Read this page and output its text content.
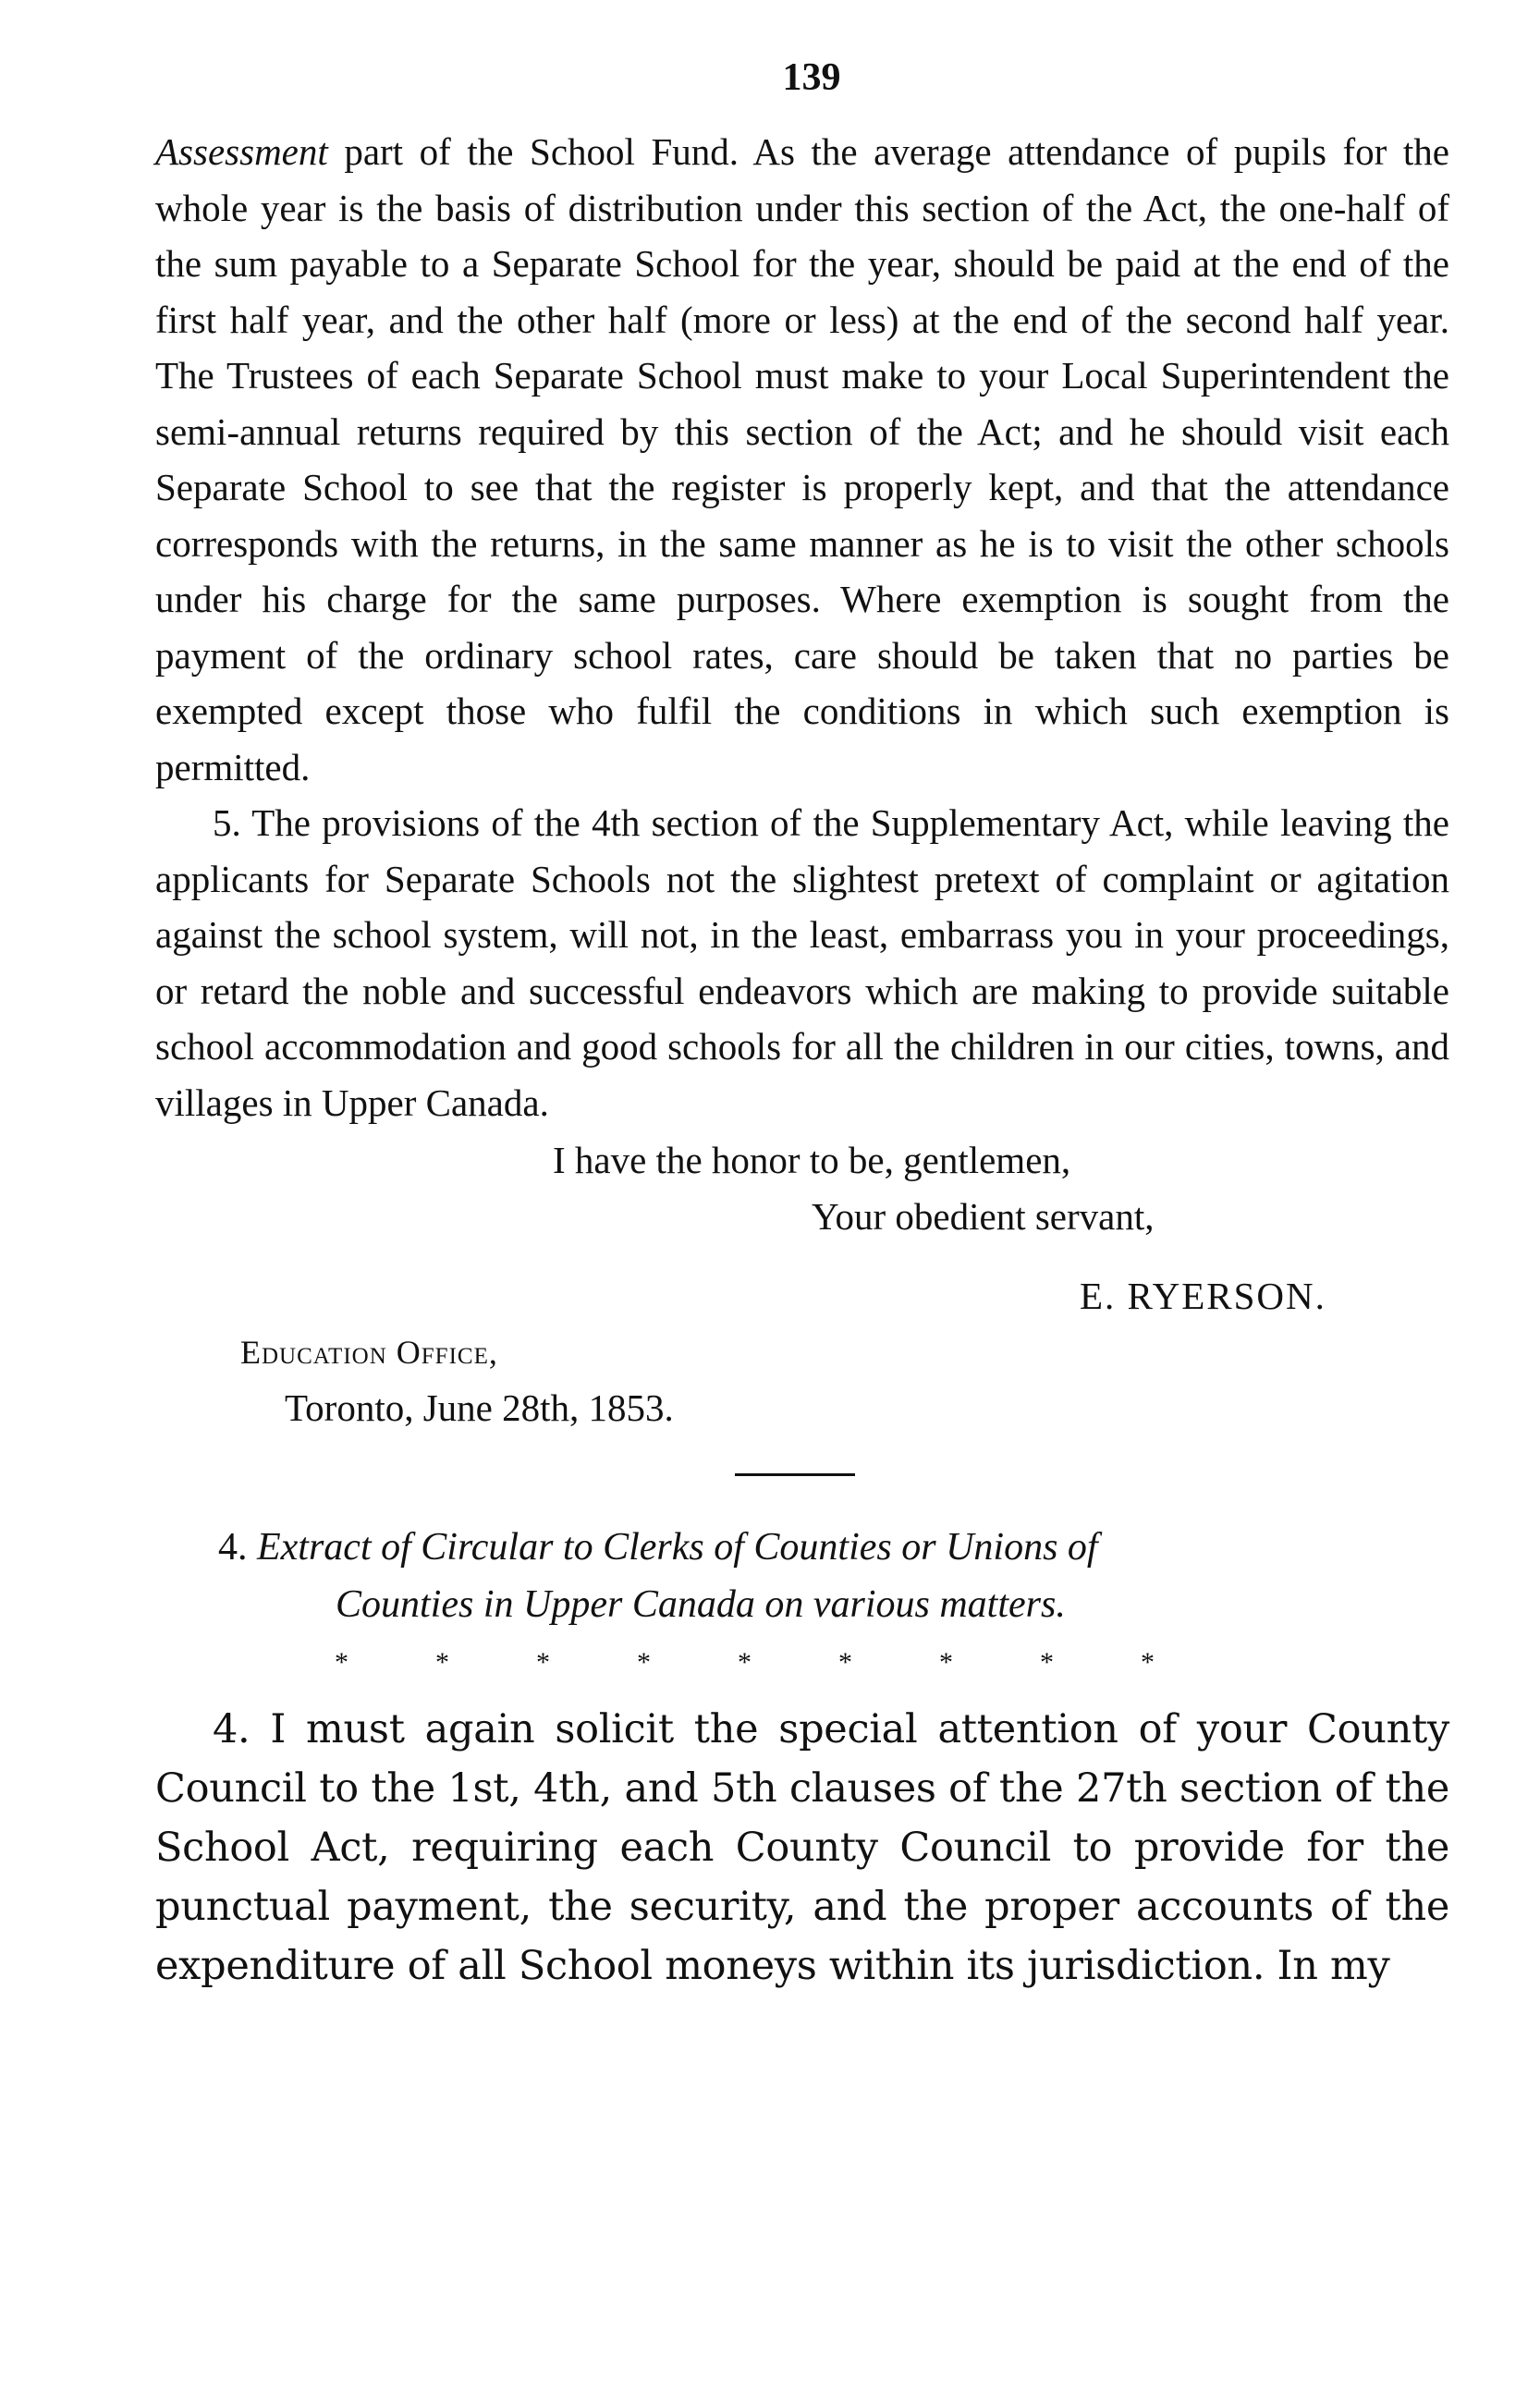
139

Assessment part of the School Fund. As the average attendance of pupils for the whole year is the basis of distribution under this section of the Act, the one-half of the sum payable to a Separate School for the year, should be paid at the end of the first half year, and the other half (more or less) at the end of the second half year. The Trustees of each Separate School must make to your Local Superintendent the semi-annual returns required by this section of the Act; and he should visit each Separate School to see that the register is properly kept, and that the attendance corresponds with the returns, in the same manner as he is to visit the other schools under his charge for the same purposes. Where exemption is sought from the payment of the ordinary school rates, care should be taken that no parties be exempted except those who fulfil the conditions in which such exemption is permitted.

5. The provisions of the 4th section of the Supplementary Act, while leaving the applicants for Separate Schools not the slightest pretext of complaint or agitation against the school system, will not, in the least, embarrass you in your proceedings, or retard the noble and successful endeavors which are making to provide suitable school accommodation and good schools for all the children in our cities, towns, and villages in Upper Canada.

I have the honor to be, gentlemen,

Your obedient servant,

E. RYERSON.

Education Office,

Toronto, June 28th, 1853.

4. Extract of Circular to Clerks of Counties or Unions of
Counties in Upper Canada on various matters.
*	*	*	*	*	*	*	*	*

4. I must again solicit the special attention of your County Council to the 1st, 4th, and 5th clauses of the 27th section of the School Act, requiring each County Council to provide for the punctual payment, the security, and the proper accounts of the expenditure of all School moneys within its jurisdiction. In my
